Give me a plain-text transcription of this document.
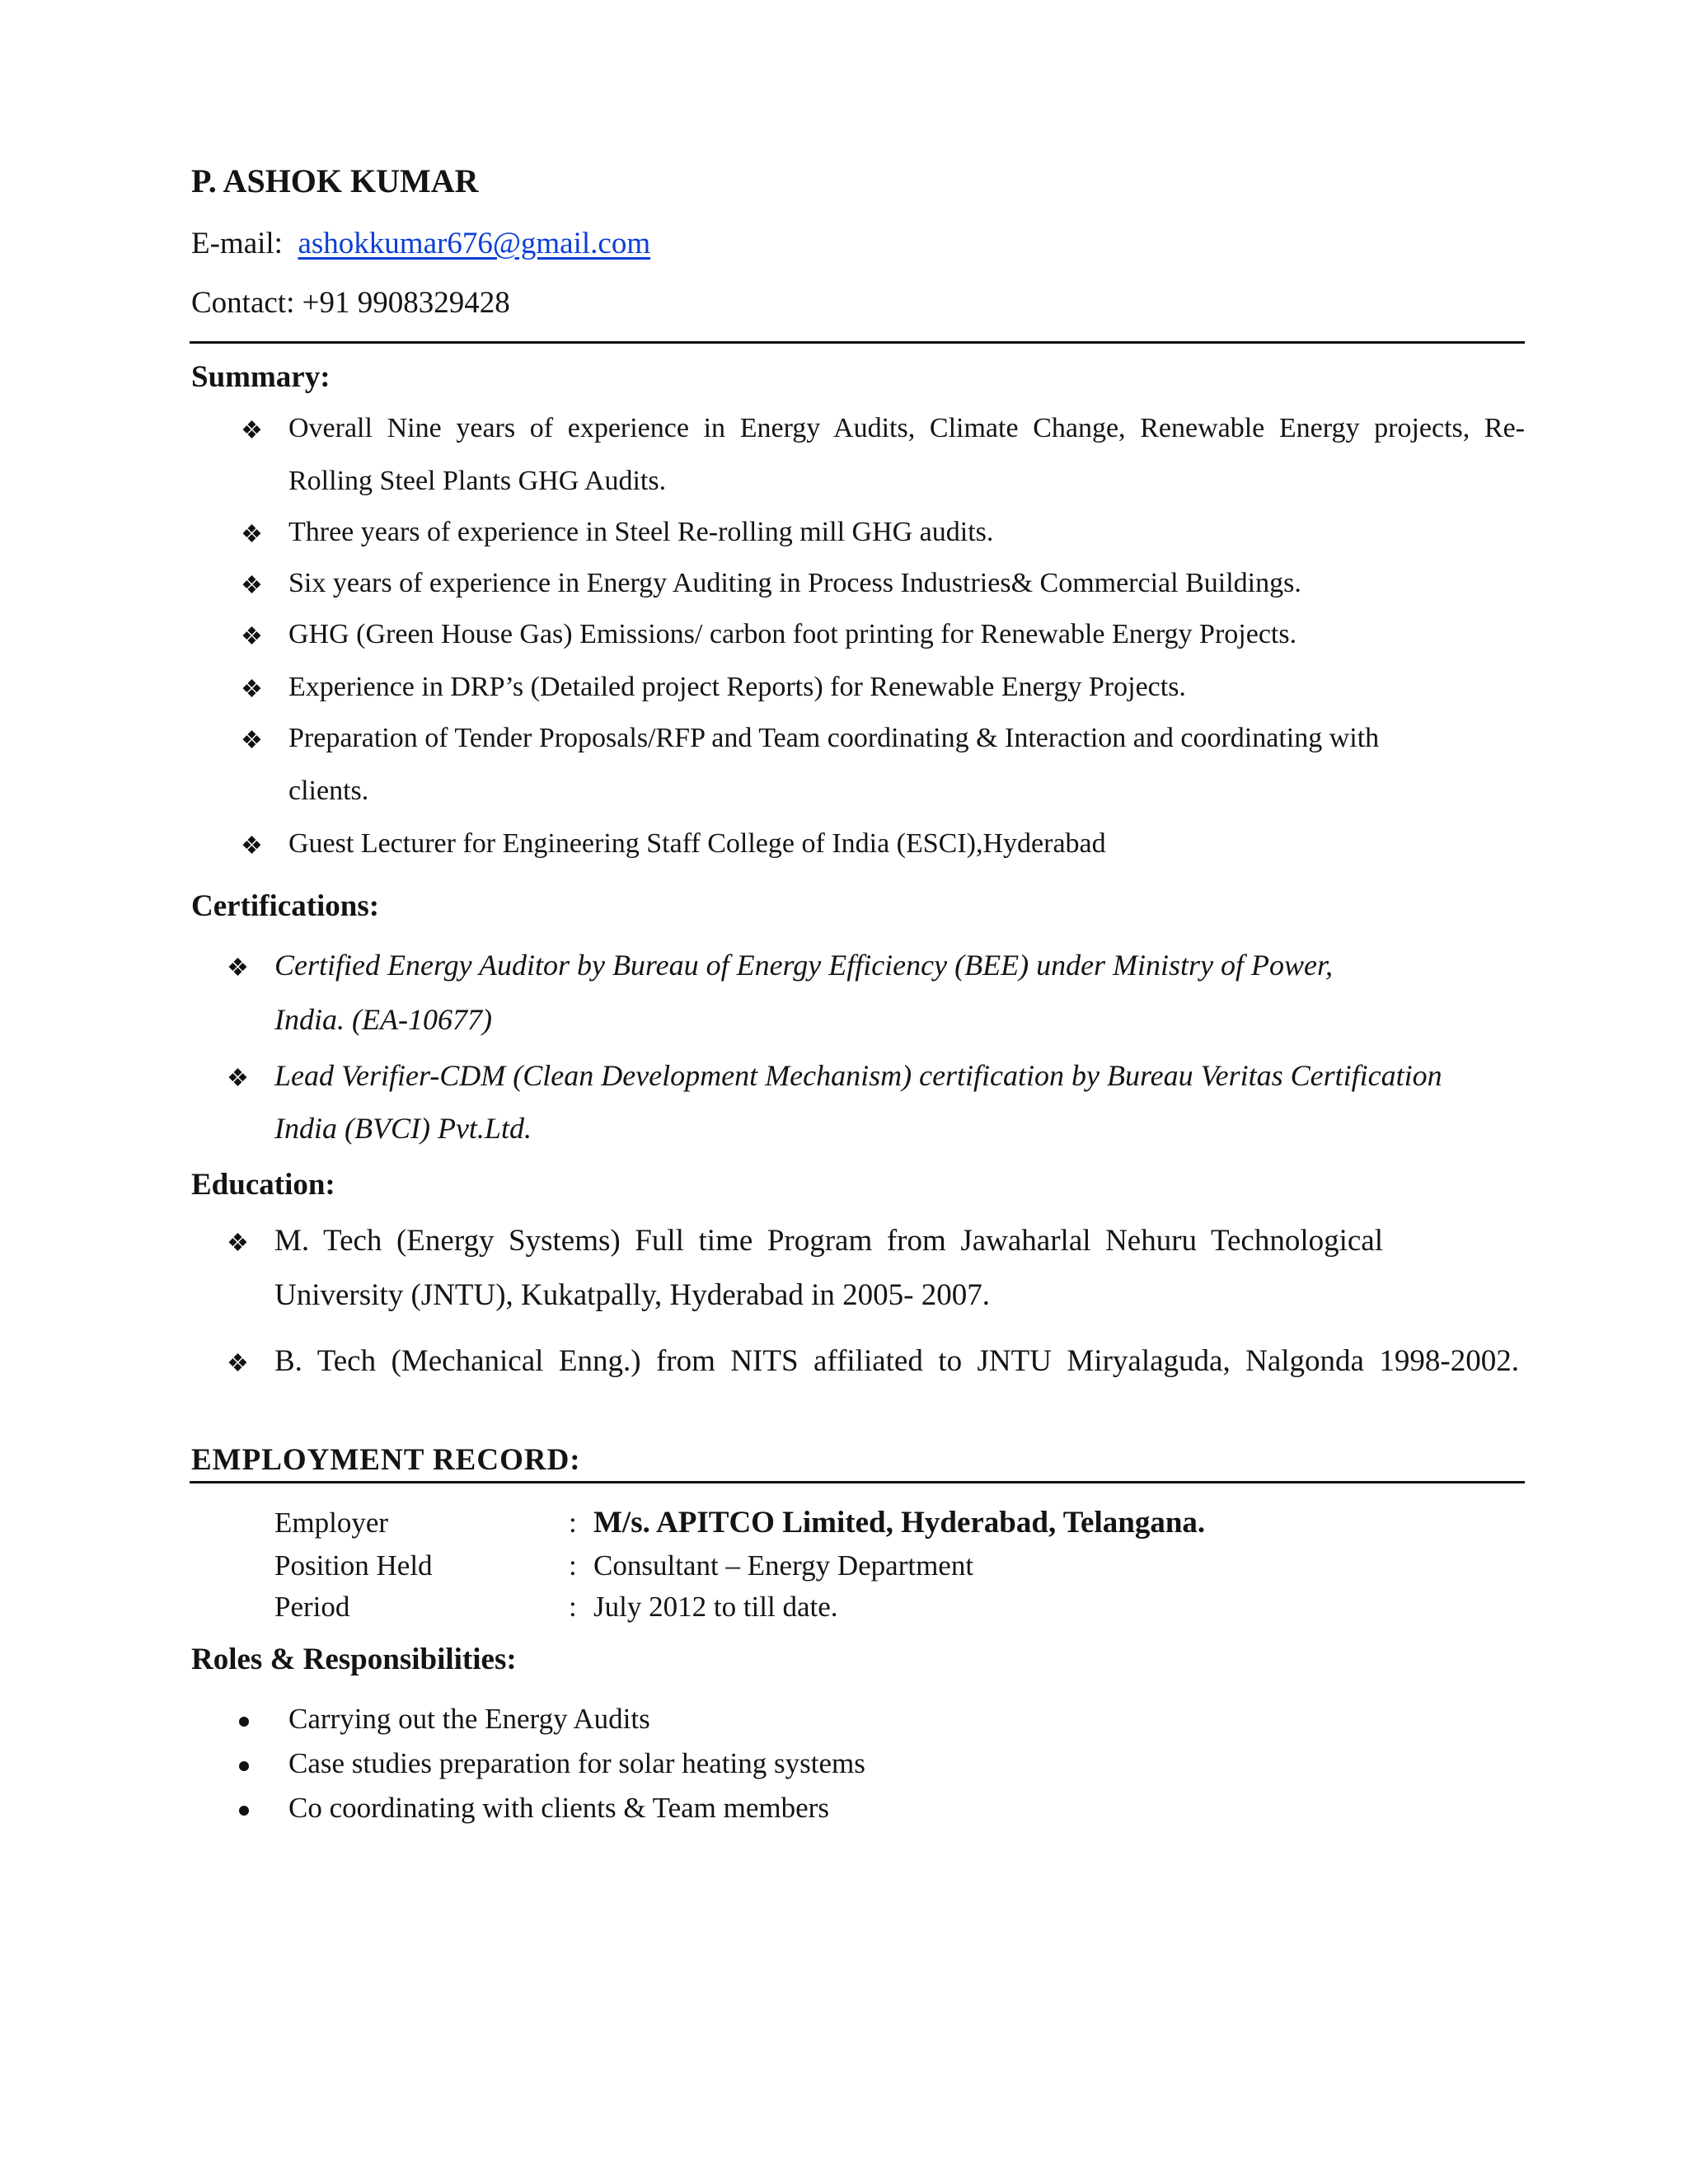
P. ASHOK KUMAR
E-mail: ashokkumar676@gmail.com
Contact: +91 9908329428
Summary:
❖ Overall Nine years of experience in Energy Audits, Climate Change, Renewable Energy projects, Re-
Rolling Steel Plants GHG Audits.
❖ Three years of experience in Steel Re-rolling mill GHG audits.
❖ Six years of experience in Energy Auditing in Process Industries& Commercial Buildings.
❖ GHG (Green House Gas) Emissions/ carbon foot printing for Renewable Energy Projects.
❖ Experience in DRP’s (Detailed project Reports) for Renewable Energy Projects.
❖ Preparation of Tender Proposals/RFP and Team coordinating & Interaction and coordinating with
clients.
❖ Guest Lecturer for Engineering Staff College of India (ESCI),Hyderabad
Certifications:
❖ Certified Energy Auditor by Bureau of Energy Efficiency (BEE) under Ministry of Power,
India. (EA-10677)
❖ Lead Verifier-CDM (Clean Development Mechanism) certification by Bureau Veritas Certification
India (BVCI) Pvt.Ltd.
Education:
❖ M. Tech (Energy Systems) Full time Program from Jawaharlal Nehuru Technological
University (JNTU), Kukatpally, Hyderabad in 2005- 2007.
❖ B. Tech (Mechanical Enng.) from NITS affiliated to JNTU Miryalaguda, Nalgonda 1998-2002.
EMPLOYMENT RECORD:
Employer	: M/s. APITCO Limited, Hyderabad, Telangana.
Position Held	: Consultant – Energy Department
Period	: July 2012 to till date.
Roles & Responsibilities:
Carrying out the Energy Audits
Case studies preparation for solar heating systems
Co coordinating with clients & Team members
